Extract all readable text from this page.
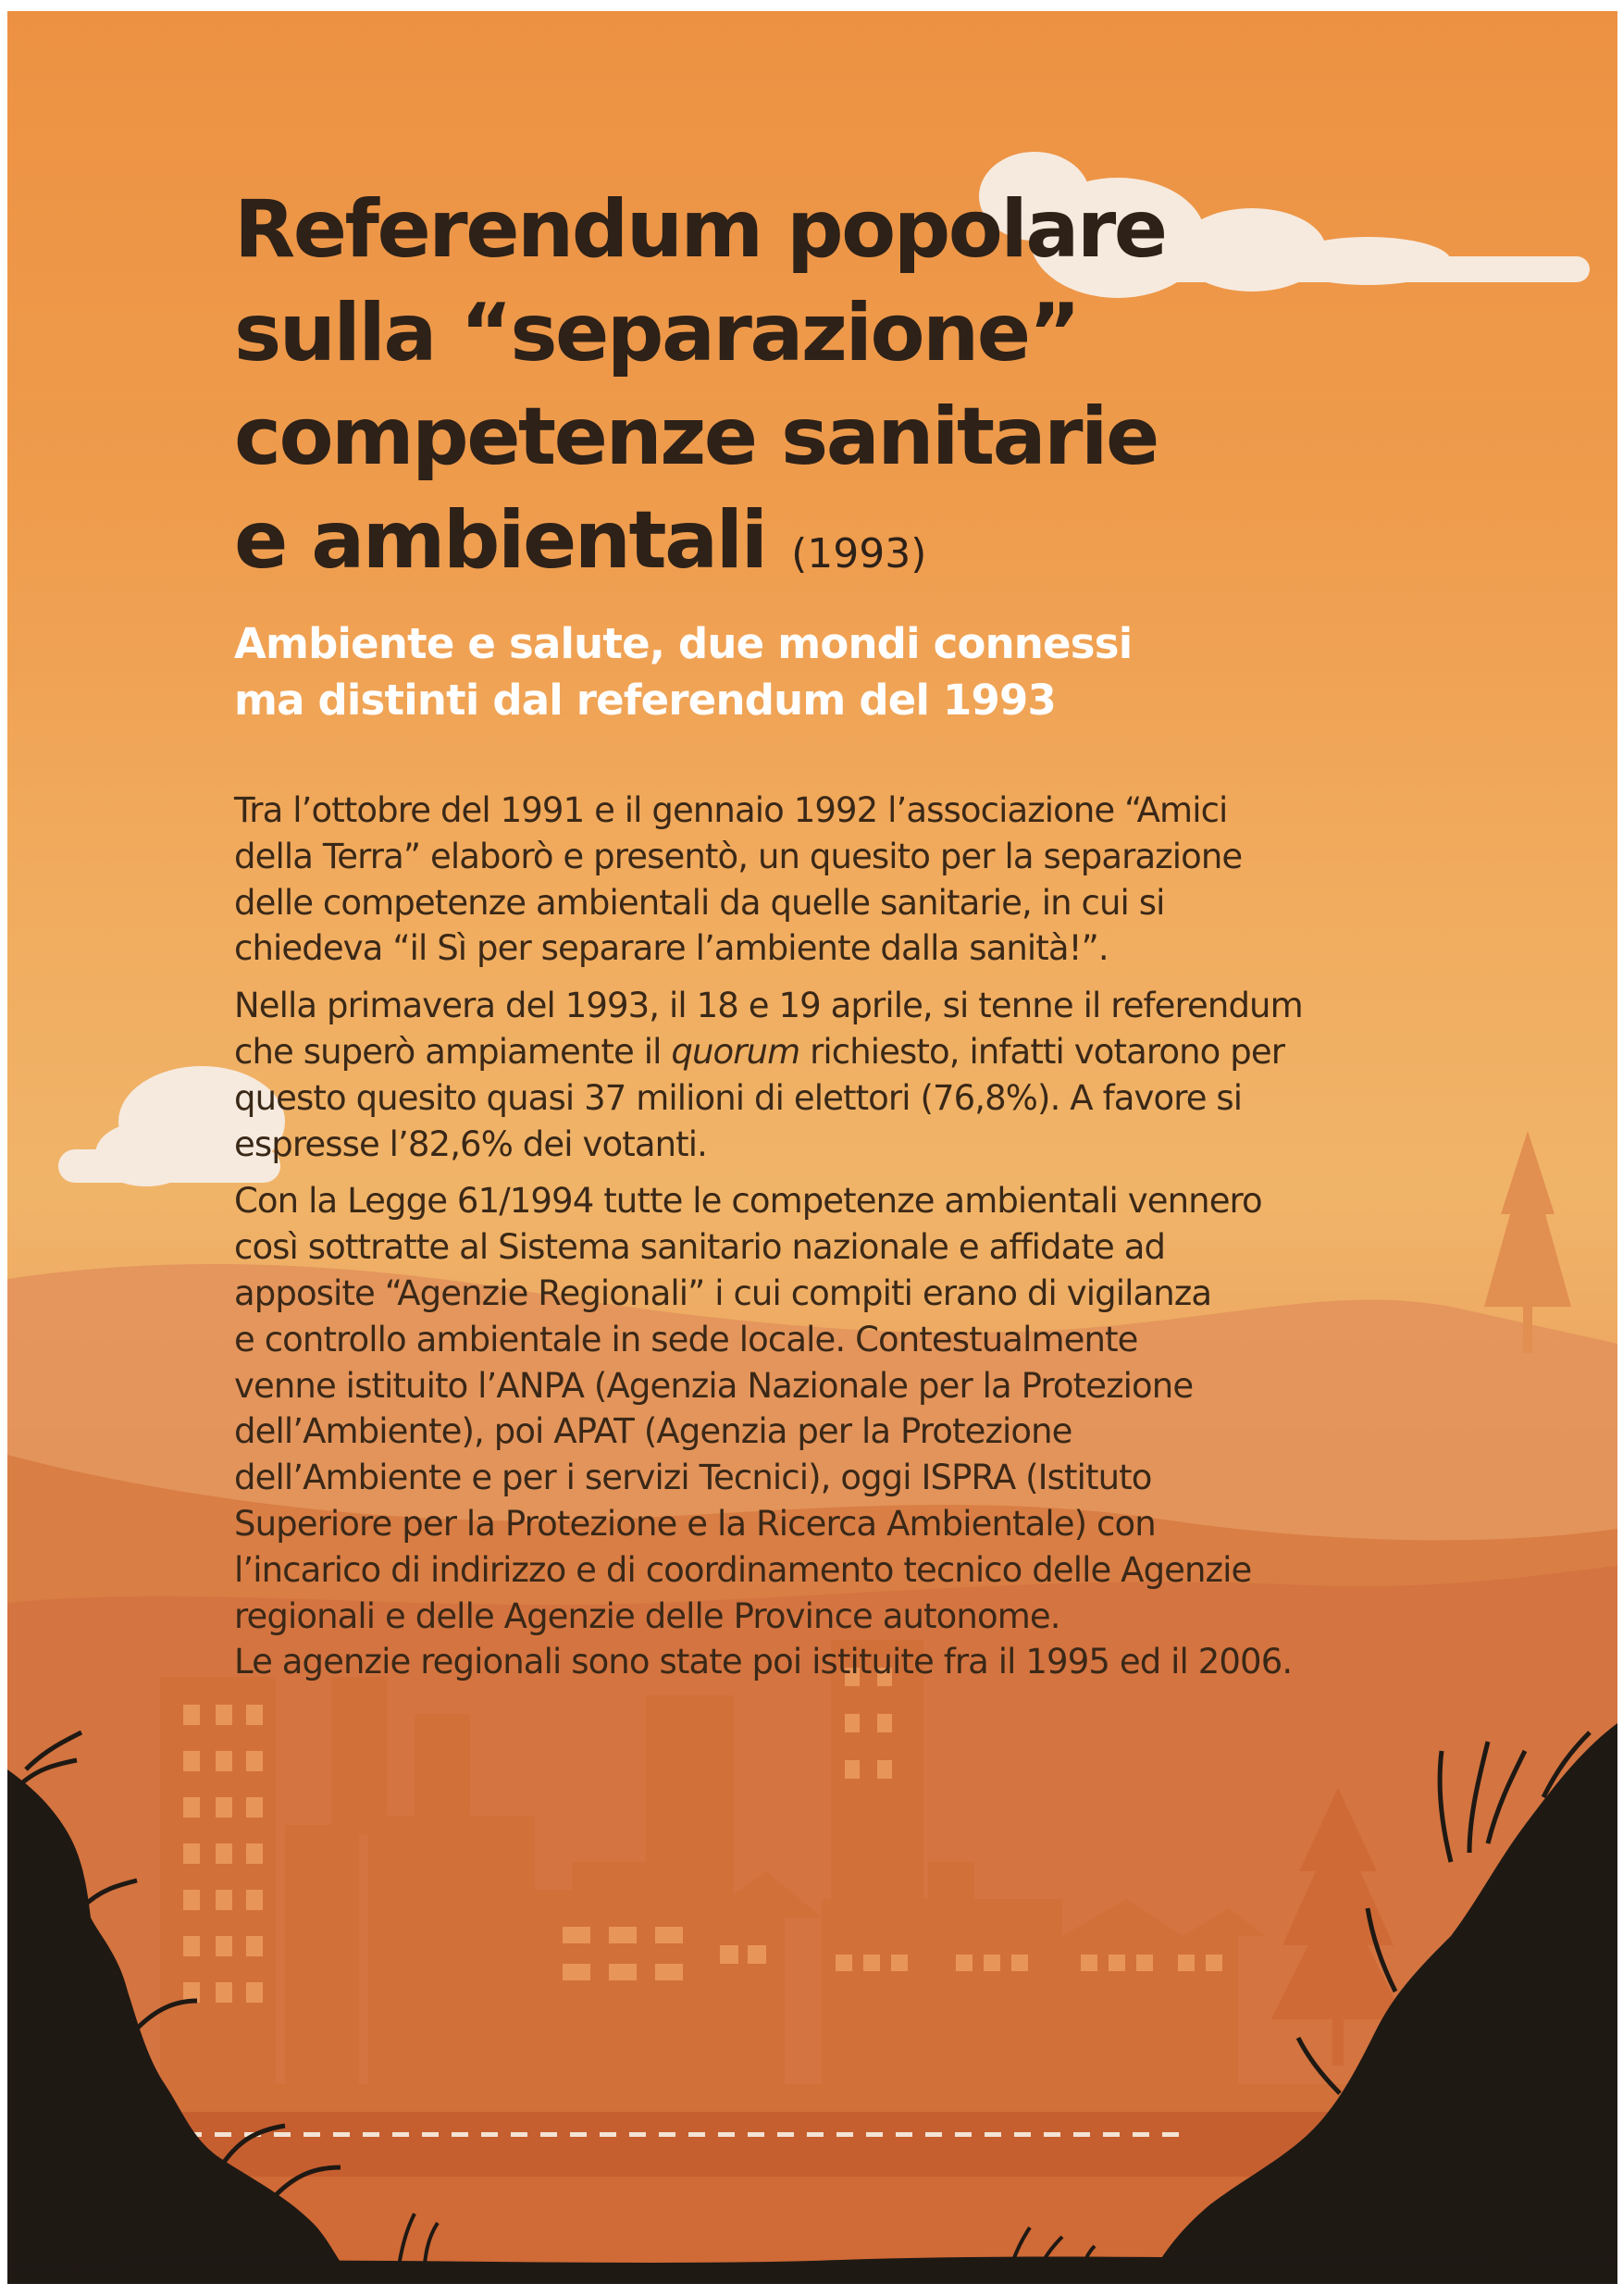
Referendum popolare
sulla “separazione”
competenze sanitarie
e ambientali (1993)
Ambiente e salute, due mondi connessi
ma distinti dal referendum del 1993

Tra l’ottobre del 1991 e il gennaio 1992 l’associazione “Amici
della Terra” elaborò e presentò, un quesito per la separazione
delle competenze ambientali da quelle sanitarie, in cui si
chiedeva “il Sì per separare l’ambiente dalla sanità!”.

Nella primavera del 1993, il 18 e 19 aprile, si tenne il referendum
che superò ampiamente il quorum richiesto, infatti votarono per
questo quesito quasi 37 milioni di elettori (76,8%). A favore si
espresse l’82,6% dei votanti.

Con la Legge 61/1994 tutte le competenze ambientali vennero
così sottratte al Sistema sanitario nazionale e affidate ad
apposite “Agenzie Regionali” i cui compiti erano di vigilanza
e controllo ambientale in sede locale. Contestualmente
venne istituito l’ANPA (Agenzia Nazionale per la Protezione
dell’Ambiente), poi APAT (Agenzia per la Protezione
dell’Ambiente e per i servizi Tecnici), oggi ISPRA (Istituto
Superiore per la Protezione e la Ricerca Ambientale) con
l’incarico di indirizzo e di coordinamento tecnico delle Agenzie
regionali e delle Agenzie delle Province autonome.
Le agenzie regionali sono state poi istituite fra il 1995 ed il 2006.
